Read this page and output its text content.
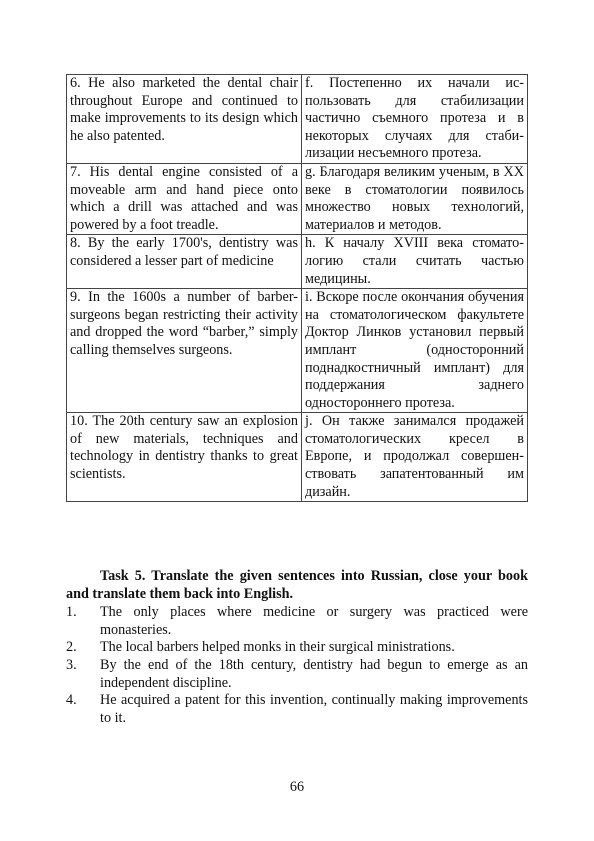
6. He also marketed the dental chair throughout Europe and continued to make improvements to its design which he also patented.	f. Постепенно их начали использовать для стабилизации частично съемного протеза и в некоторых случаях для стабилизации несъемного протеза.
7. His dental engine consisted of a moveable arm and hand piece onto which a drill was attached and was powered by a foot treadle.	g. Благодаря великим ученым, в XX веке в стоматологии появилось множество новых технологий, материалов и методов.
8. By the early 1700's, dentistry was considered a lesser part of medicine	h. К началу XVIII века стоматологию стали считать частью медицины.
9. In the 1600s a number of barber-surgeons began restricting their activity and dropped the word “barber,” simply calling themselves surgeons.	i. Вскоре после окончания обучения на стоматологическом факультете Доктор Линков установил первый имплант (односторонний поднадкостничный имплант) для поддержания заднего одностороннего протеза.
10. The 20th century saw an explosion of new materials, techniques and technology in dentistry thanks to great scientists.	j. Он также занимался продажей стоматологических кресел в Европе, и продолжал совершенствовать запатентованный им дизайн.

Task 5. Translate the given sentences into Russian, close your book and translate them back into English.

1. The only places where medicine or surgery was practiced were monasteries.
2. The local barbers helped monks in their surgical ministrations.
3. By the end of the 18th century, dentistry had begun to emerge as an independent discipline.
4. He acquired a patent for this invention, continually making improvements to it.
66
